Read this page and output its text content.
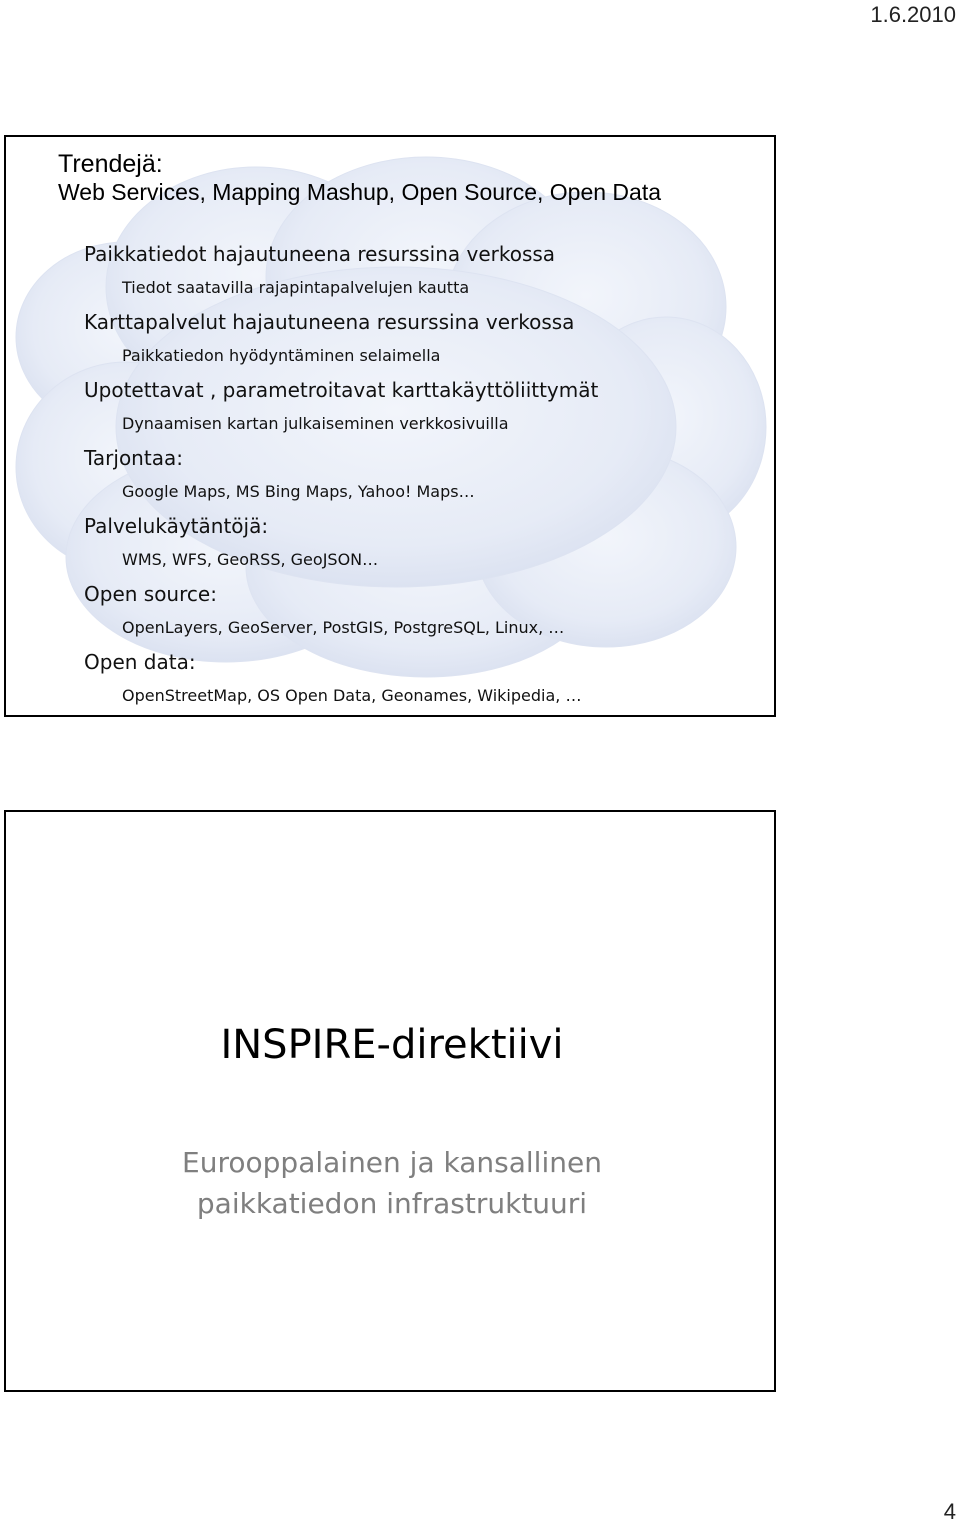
1.6.2010
Trendejä:
Web Services, Mapping Mashup, Open Source, Open Data
Paikkatiedot hajautuneena resurssina verkossa
Tiedot saatavilla rajapintapalvelujen kautta
Karttapalvelut hajautuneena resurssina verkossa
Paikkatiedon hyödyntäminen selaimella
Upotettavat , parametroitavat karttakäyttöliittymät
Dynaamisen kartan julkaiseminen verkkosivuilla
Tarjontaa:
Google Maps, MS Bing Maps, Yahoo! Maps…
Palvelukäytäntöjä:
WMS, WFS, GeoRSS, GeoJSON…
Open source:
OpenLayers, GeoServer, PostGIS, PostgreSQL, Linux, …
Open data:
OpenStreetMap, OS Open Data, Geonames, Wikipedia, …
INSPIRE-direktiivi
Eurooppalainen ja kansallinen
paikkatiedon infrastruktuuri
4
